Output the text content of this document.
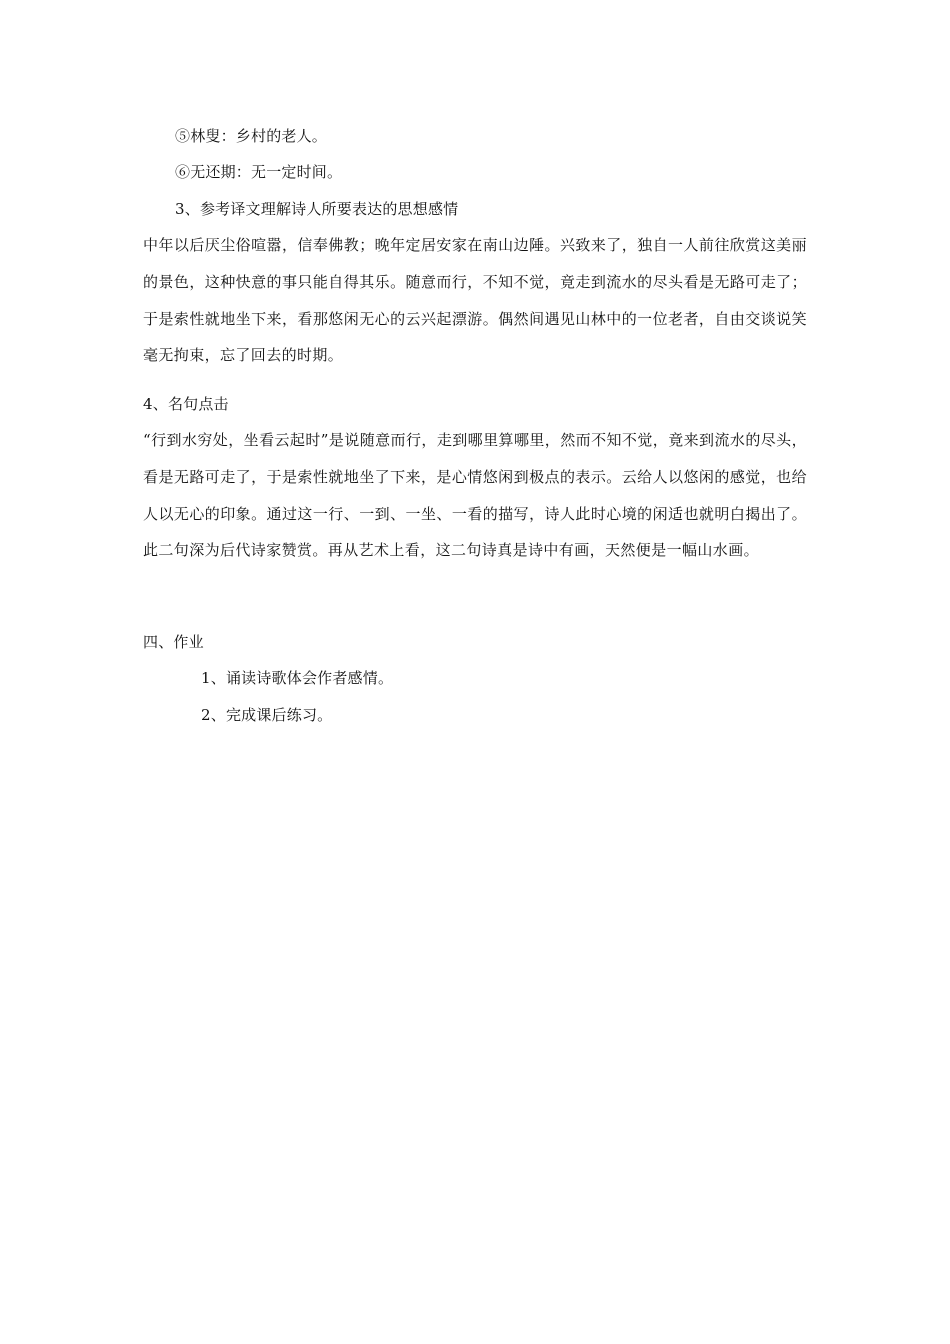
⑤林叟：乡村的老人。
⑥无还期：无一定时间。
3、参考译文理解诗人所要表达的思想感情
中年以后厌尘俗喧嚣，信奉佛教；晚年定居安家在南山边陲。兴致来了，独自一人前往欣赏这美丽的景色，这种快意的事只能自得其乐。随意而行，不知不觉，竟走到流水的尽头看是无路可走了；于是索性就地坐下来，看那悠闲无心的云兴起漂游。偶然间遇见山林中的一位老者，自由交谈说笑毫无拘束，忘了回去的时期。
4、名句点击
“行到水穷处，坐看云起时”是说随意而行，走到哪里算哪里，然而不知不觉，竟来到流水的尽头，看是无路可走了，于是索性就地坐了下来，是心情悠闲到极点的表示。云给人以悠闲的感觉，也给人以无心的印象。通过这一行、一到、一坐、一看的描写，诗人此时心境的闲适也就明白揭出了。此二句深为后代诗家赞赏。再从艺术上看，这二句诗真是诗中有画，天然便是一幅山水画。
四、作业
1、诵读诗歌体会作者感情。
2、完成课后练习。
